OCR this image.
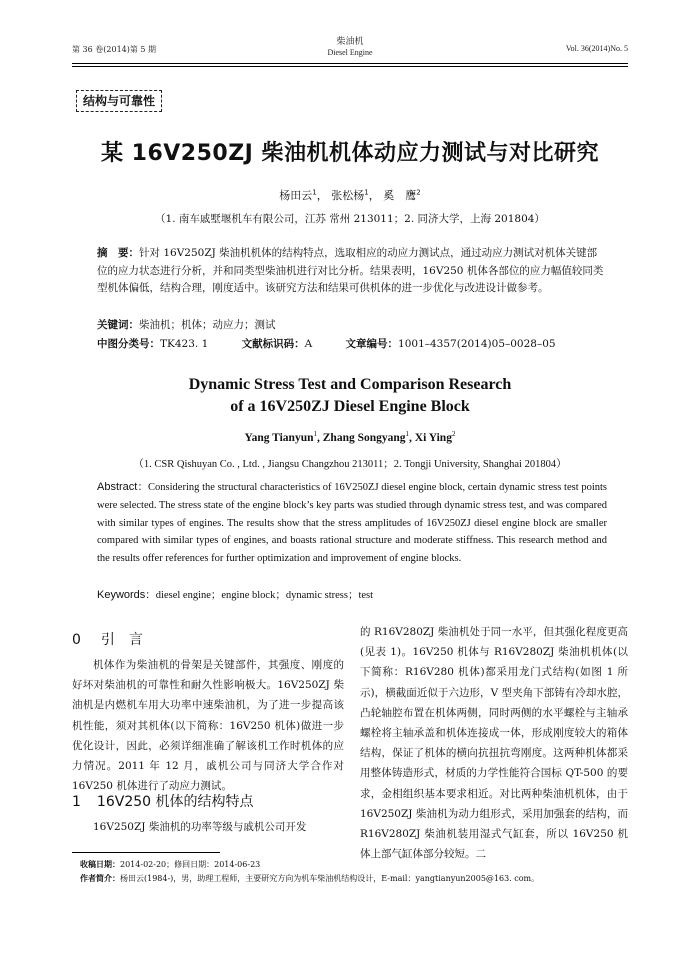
第 36 卷(2014)第 5 期
柴油机
Diesel Engine	Vol. 36(2014)No. 5
结构与可靠性
某 16V250ZJ 柴油机机体动应力测试与对比研究
杨田云$^1$， 张松杨$^1$， 奚　鹰$^2$
（1. 南车戚墅堰机车有限公司，江苏 常州 213011；2. 同济大学，上海 201804）
摘　要：针对 16V250ZJ 柴油机机体的结构特点，选取相应的动应力测试点，通过动应力测试对机体关键部位的应力状态进行分析，并和同类型柴油机进行对比分析。结果表明，16V250 机体各部位的应力幅值较同类型机体偏低，结构合理，刚度适中。该研究方法和结果可供机体的进一步优化与改进设计做参考。
关键词：柴油机；机体；动应力；测试
中图分类号：TK423. 1	文献标识码：A	文章编号：1001–4357(2014)05–0028–05
Dynamic Stress Test and Comparison Research
of a 16V250ZJ Diesel Engine Block
Yang Tianyun$^1$, Zhang Songyang$^1$, Xi Ying$^2$
（1. CSR Qishuyan Co. , Ltd. , Jiangsu Changzhou 213011；2. Tongji University, Shanghai 201804）
Abstract：Considering the structural characteristics of 16V250ZJ diesel engine block, certain dynamic stress test points were selected. The stress state of the engine block’s key parts was studied through dynamic stress test, and was compared with similar types of engines. The results show that the stress amplitudes of 16V250ZJ diesel engine block are smaller compared with similar types of engines, and boasts rational structure and moderate stiffness. This research method and the results offer references for further optimization and improvement of engine blocks.
Keywords：diesel engine；engine block；dynamic stress；test
0 引　言
机体作为柴油机的骨架是关键部件，其强度、刚度的好坏对柴油机的可靠性和耐久性影响极大。16V250ZJ 柴油机是内燃机车用大功率中速柴油机，为了进一步提高该机性能，须对其机体(以下简称：16V250 机体)做进一步优化设计，因此，必须详细准确了解该机工作时机体的应力情况。2011 年 12 月，戚机公司与同济大学合作对 16V250 机体进行了动应力测试。
1 16V250 机体的结构特点
16V250ZJ 柴油机的功率等级与戚机公司开发
的 R16V280ZJ 柴油机处于同一水平，但其强化程度更高(见表 1)。16V250 机体与 R16V280ZJ 柴油机机体(以下简称：R16V280 机体)都采用龙门式结构(如图 1 所示)，横截面近似于六边形，V 型夹角下部铸有冷却水腔，凸轮轴腔布置在机体两侧，同时两侧的水平螺栓与主轴承螺栓将主轴承盖和机体连接成一体，形成刚度较大的箱体结构，保证了机体的横向抗扭抗弯刚度。这两种机体都采用整体铸造形式，材质的力学性能符合国标 QT-500 的要求，金相组织基本要求相近。对比两种柴油机机体，由于 16V250ZJ 柴油机为动力组形式，采用加强套的结构，而 R16V280ZJ 柴油机装用湿式气缸套，所以 16V250 机体上部气缸体部分较短。二
收稿日期：2014-02-20；修回日期：2014-06-23
作者简介：杨田云(1984-)，男，助理工程师，主要研究方向为机车柴油机结构设计，E-mail：yangtianyun2005@163. com。
